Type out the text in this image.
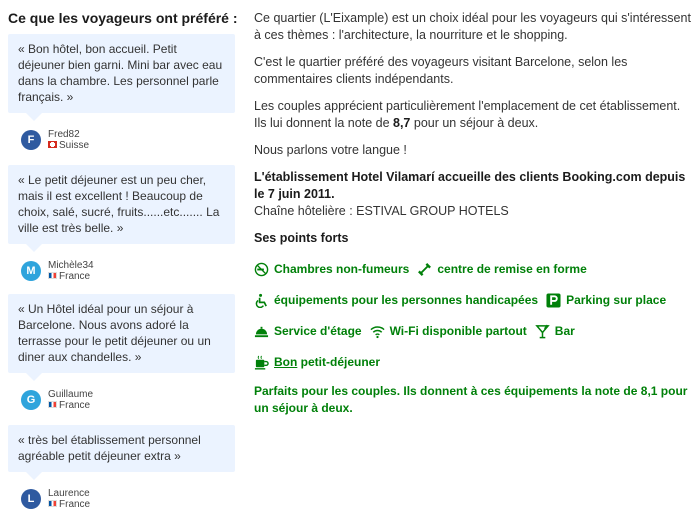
Ce que les voyageurs ont préféré :
« Bon hôtel, bon accueil. Petit déjeuner bien garni. Mini bar avec eau dans la chambre. Les personnel parle français. »
F	Fred82
Suisse
« Le petit déjeuner est un peu cher, mais il est excellent ! Beaucoup de choix, salé, sucré, fruits......etc....... La ville est très belle. »
M	Michèle34
France
« Un Hôtel idéal pour un séjour à Barcelone. Nous avons adoré la terrasse pour le petit déjeuner ou un diner aux chandelles. »
G	Guillaume
France
« très bel établissement personnel agréable petit déjeuner extra »
L	Laurence
France

Ce quartier (L'Eixample) est un choix idéal pour les voyageurs qui s'intéressent à ces thèmes : l'architecture, la nourriture et le shopping.

C'est le quartier préféré des voyageurs visitant Barcelone, selon les commentaires clients indépendants.

Les couples apprécient particulièrement l'emplacement de cet établissement. Ils lui donnent la note de 8,7 pour un séjour à deux.

Nous parlons votre langue !

L'établissement Hotel Vilamarí accueille des clients Booking.com depuis le 7 juin 2011.
Chaîne hôtelière : ESTIVAL GROUP HOTELS

Ses points forts
Chambres non-fumeurs centre de remise en forme
équipements pour les personnes handicapées Parking sur place
Service d'étage Wi-Fi disponible partout Bar
Bon petit-déjeuner
Parfaits pour les couples. Ils donnent à ces équipements la note de 8,1 pour un séjour à deux.
